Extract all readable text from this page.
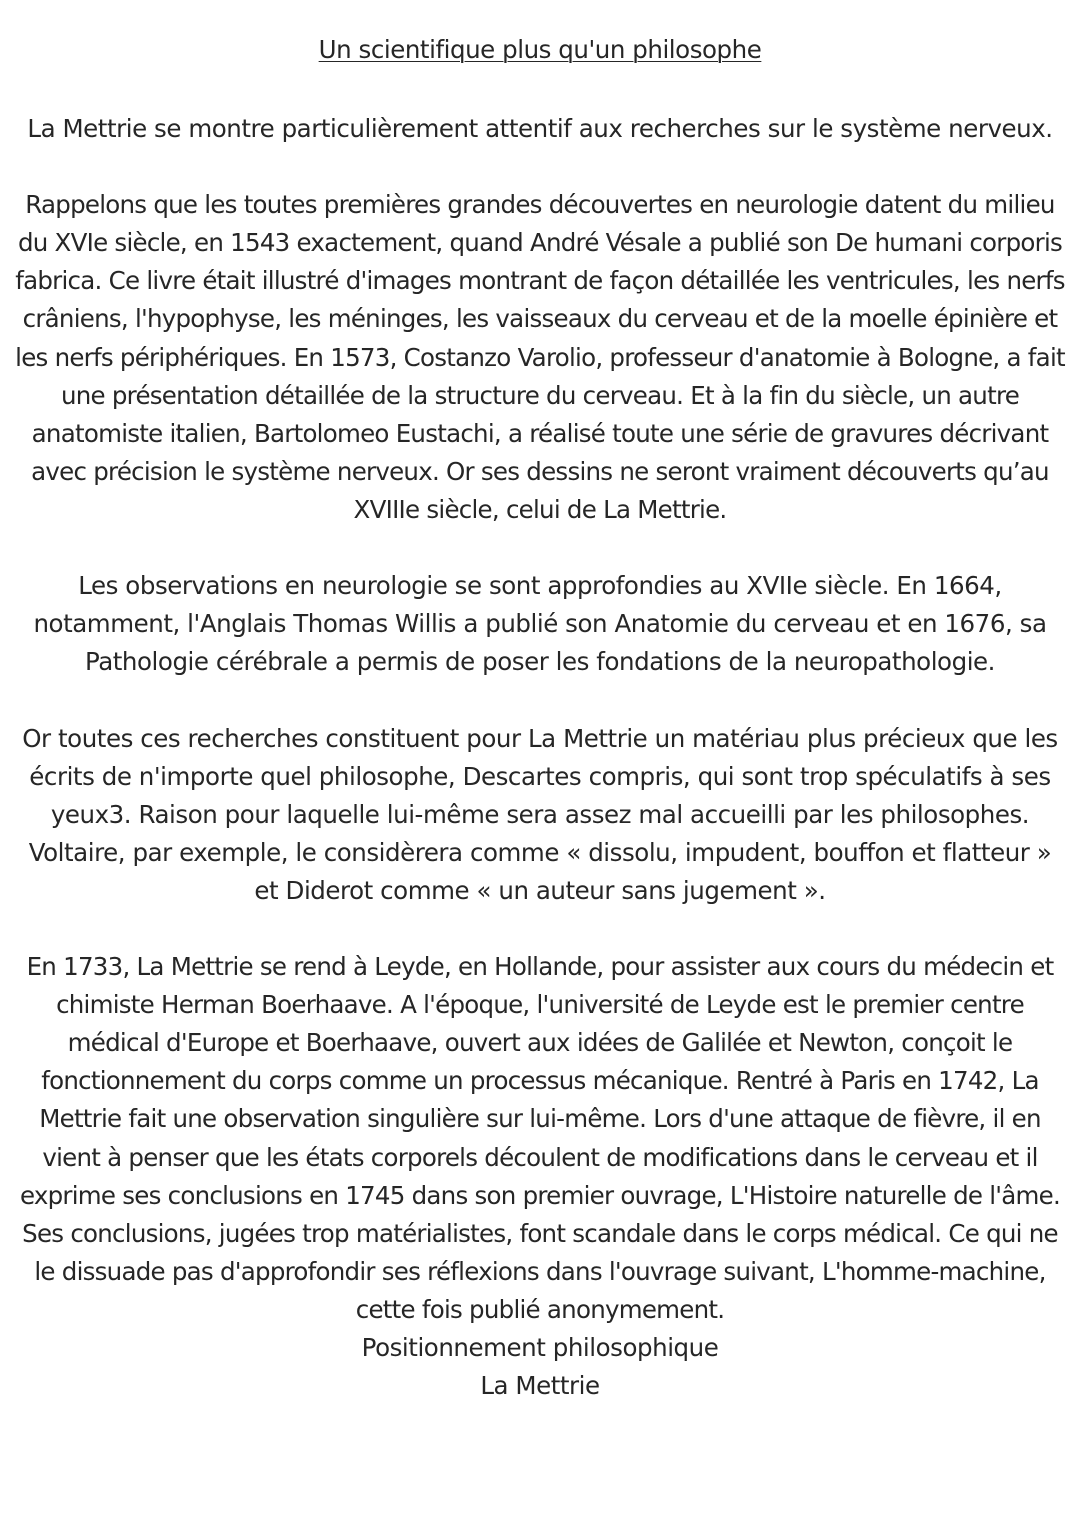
Un scientifique plus qu'un philosophe

La Mettrie se montre particulièrement attentif aux recherches sur le système nerveux.

Rappelons que les toutes premières grandes découvertes en neurologie datent du milieu du XVIe siècle, en 1543 exactement, quand André Vésale a publié son De humani corporis fabrica. Ce livre était illustré d'images montrant de façon détaillée les ventricules, les nerfs crâniens, l'hypophyse, les méninges, les vaisseaux du cerveau et de la moelle épinière et les nerfs périphériques. En 1573, Costanzo Varolio, professeur d'anatomie à Bologne, a fait une présentation détaillée de la structure du cerveau. Et à la fin du siècle, un autre anatomiste italien, Bartolomeo Eustachi, a réalisé toute une série de gravures décrivant avec précision le système nerveux. Or ses dessins ne seront vraiment découverts qu’au XVIIIe siècle, celui de La Mettrie.

Les observations en neurologie se sont approfondies au XVIIe siècle. En 1664, notamment, l'Anglais Thomas Willis a publié son Anatomie du cerveau et en 1676, sa Pathologie cérébrale a permis de poser les fondations de la neuropathologie.

Or toutes ces recherches constituent pour La Mettrie un matériau plus précieux que les écrits de n'importe quel philosophe, Descartes compris, qui sont trop spéculatifs à ses yeux3. Raison pour laquelle lui-même sera assez mal accueilli par les philosophes. Voltaire, par exemple, le considèrera comme « dissolu, impudent, bouffon et flatteur » et Diderot comme « un auteur sans jugement ».

En 1733, La Mettrie se rend à Leyde, en Hollande, pour assister aux cours du médecin et chimiste Herman Boerhaave. A l'époque, l'université de Leyde est le premier centre médical d'Europe et Boerhaave, ouvert aux idées de Galilée et Newton, conçoit le fonctionnement du corps comme un processus mécanique. Rentré à Paris en 1742, La Mettrie fait une observation singulière sur lui-même. Lors d'une attaque de fièvre, il en vient à penser que les états corporels découlent de modifications dans le cerveau et il exprime ses conclusions en 1745 dans son premier ouvrage, L'Histoire naturelle de l'âme. Ses conclusions, jugées trop matérialistes, font scandale dans le corps médical. Ce qui ne le dissuade pas d'approfondir ses réflexions dans l'ouvrage suivant, L'homme-machine, cette fois publié anonymement.

Positionnement philosophique

La Mettrie
